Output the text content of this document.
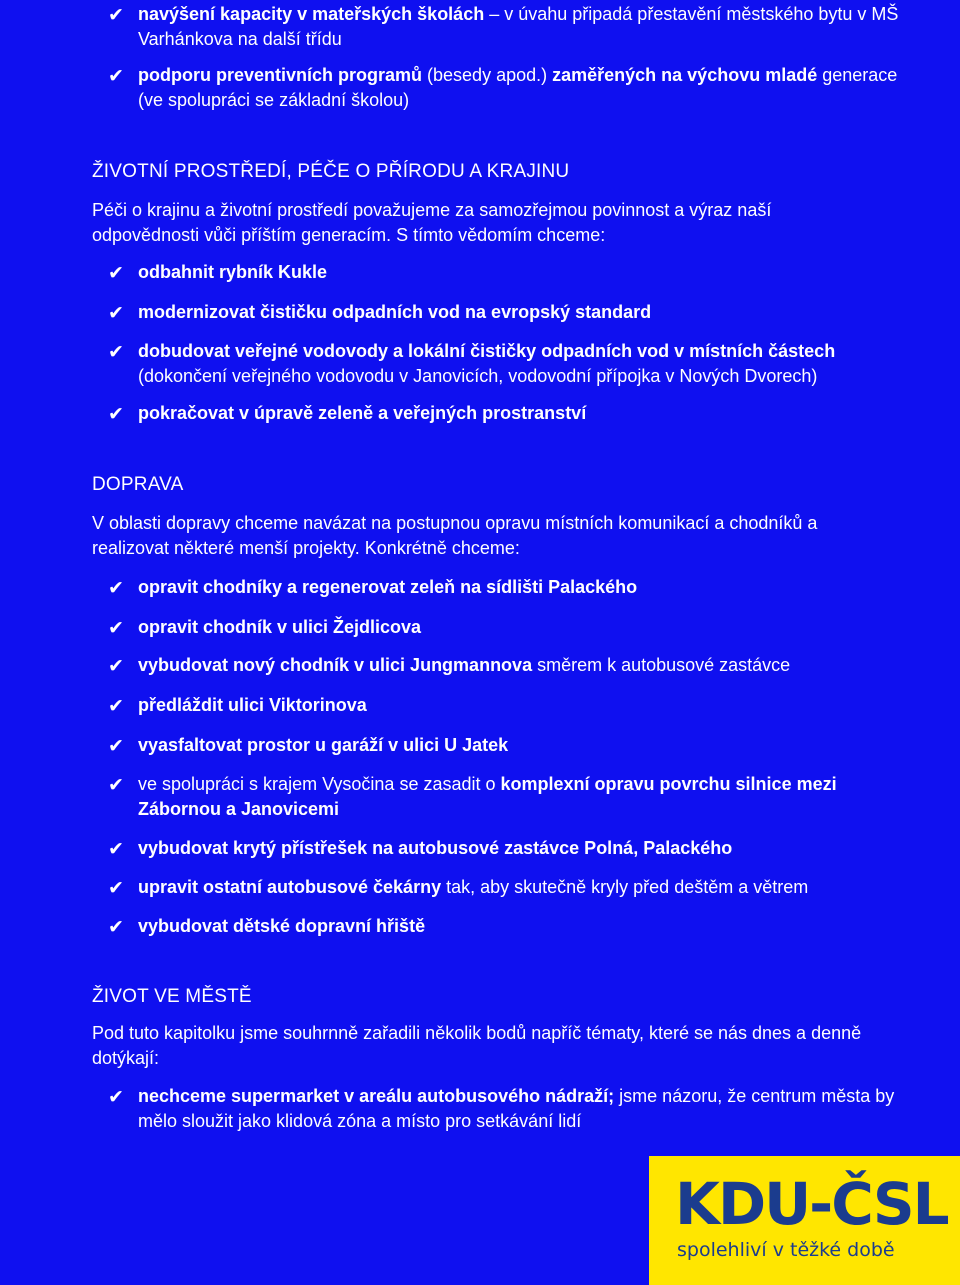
✔ navýšení kapacity v mateřských školách – v úvahu připadá přestavění městského bytu v MŠ Varhánkova na další třídu
✔ podporu preventivních programů (besedy apod.) zaměřených na výchovu mladé generace (ve spolupráci se základní školou)
ŽIVOTNÍ PROSTŘEDÍ, PÉČE O PŘÍRODU A KRAJINU
Péči o krajinu a životní prostředí považujeme za samozřejmou povinnost a výraz naší odpovědnosti vůči příštím generacím. S tímto vědomím chceme:
✔ odbahnit rybník Kukle
✔ modernizovat čističku odpadních vod na evropský standard
✔ dobudovat veřejné vodovody a lokální čističky odpadních vod v místních částech (dokončení veřejného vodovodu v Janovicích, vodovodní přípojka v Nových Dvorech)
✔ pokračovat v úpravě zeleně a veřejných prostranství
DOPRAVA
V oblasti dopravy chceme navázat na postupnou opravu místních komunikací a chodníků a realizovat některé menší projekty. Konkrétně chceme:
✔ opravit chodníky a regenerovat zeleň na sídlišti Palackého
✔ opravit chodník v ulici Žejdlicova
✔ vybudovat nový chodník v ulici Jungmannova směrem k autobusové zastávce
✔ předláždit ulici Viktorinova
✔ vyasfaltovat prostor u garáží v ulici U Jatek
✔ ve spolupráci s krajem Vysočina se zasadit o komplexní opravu povrchu silnice mezi Zábornou a Janovicemi
✔ vybudovat krytý přístřešek na autobusové zastávce Polná, Palackého
✔ upravit ostatní autobusové čekárny tak, aby skutečně kryly před deštěm a větrem
✔ vybudovat dětské dopravní hřiště
ŽIVOT VE MĚSTĚ
Pod tuto kapitolku jsme souhrnně zařadili několik bodů napříč tématy, které se nás dnes a denně dotýkají:
✔ nechceme supermarket v areálu autobusového nádraží; jsme názoru, že centrum města by mělo sloužit jako klidová zóna a místo pro setkávání lidí
KDU-ČSL
spolehliví v těžké době
